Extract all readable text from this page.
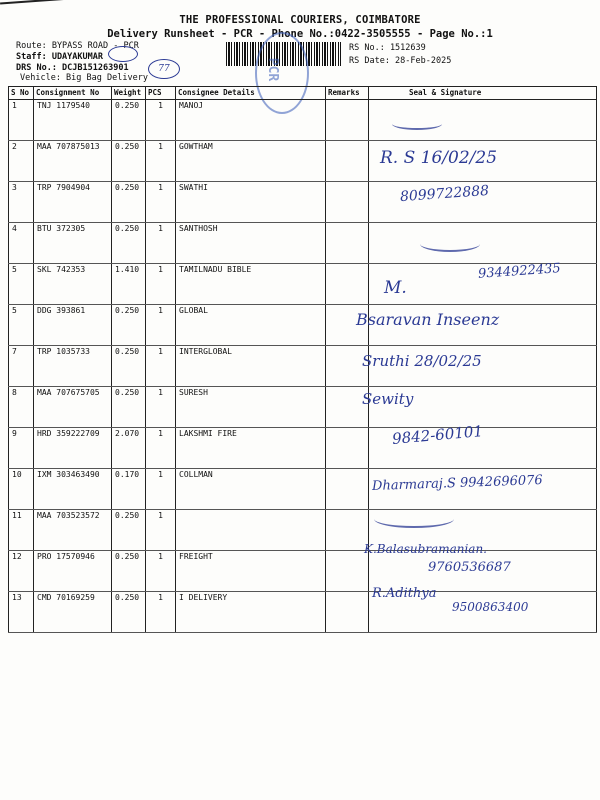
THE PROFESSIONAL COURIERS, COIMBATORE
Delivery Runsheet - PCR - Phone No.:0422-3505555 - Page No.:1
Route: BYPASS ROAD - PCR
Staff: UDAYAKUMAR
DRS No.: DCJB151263901
Vehicle: Big Bag Delivery	PCR
RS No.: 1512639
RS Date: 28-Feb-2025
77
S No	Consignment No	Weight	PCS	Consignee Details	Remarks	Seal & Signature
1	TNJ 1179540	0.250	1	MANOJ		
2	MAA 707875013	0.250	1	GOWTHAM		
3	TRP 7904904	0.250	1	SWATHI		
4	BTU 372305	0.250	1	SANTHOSH		
5	SKL 742353	1.410	1	TAMILNADU BIBLE		
5	DDG 393861	0.250	1	GLOBAL		
7	TRP 1035733	0.250	1	INTERGLOBAL		
8	MAA 707675705	0.250	1	SURESH		
9	HRD 359222709	2.070	1	LAKSHMI FIRE		
10	IXM 303463490	0.170	1	COLLMAN		
11	MAA 703523572	0.250	1			
12	PRO 17570946	0.250	1	FREIGHT		
13	CMD 70169259	0.250	1	I DELIVERY		
R. S 16/02/25
8099722888
9344922435
M.
Bsaravan Inseenz
Sruthi 28/02/25
Sewity
9842-60101
Dharmaraj.S 9942696076
K.Balasubramanian.
9760536687
R.Adithya
9500863400
